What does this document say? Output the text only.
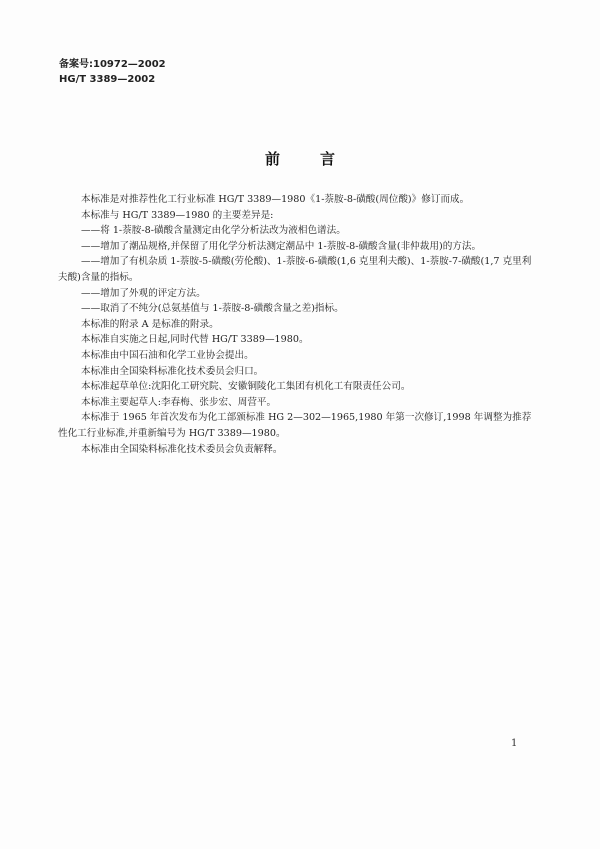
备案号:10972—2002
HG/T 3389—2002
前言

本标准是对推荐性化工行业标准 HG/T 3389—1980《1-萘胺-8-磺酸(周位酸)》修订而成。

本标准与 HG/T 3389—1980 的主要差异是:

——将 1-萘胺-8-磺酸含量测定由化学分析法改为液相色谱法。

——增加了潮品规格,并保留了用化学分析法测定潮品中 1-萘胺-8-磺酸含量(非仲裁用)的方法。

——增加了有机杂质 1-萘胺-5-磺酸(劳伦酸)、1-萘胺-6-磺酸(1,6 克里利夫酸)、1-萘胺-7-磺酸(1,7 克里利夫酸)含量的指标。

——增加了外观的评定方法。

——取消了不纯分(总氨基值与 1-萘胺-8-磺酸含量之差)指标。

本标准的附录 A 是标准的附录。

本标准自实施之日起,同时代替 HG/T 3389—1980。

本标准由中国石油和化学工业协会提出。

本标准由全国染料标准化技术委员会归口。

本标准起草单位:沈阳化工研究院、安徽铜陵化工集团有机化工有限责任公司。

本标准主要起草人:李春梅、张步宏、周营平。

本标准于 1965 年首次发布为化工部颁标准 HG 2—302—1965,1980 年第一次修订,1998 年调整为推荐性化工行业标准,并重新编号为 HG/T 3389—1980。

本标准由全国染料标准化技术委员会负责解释。

1
